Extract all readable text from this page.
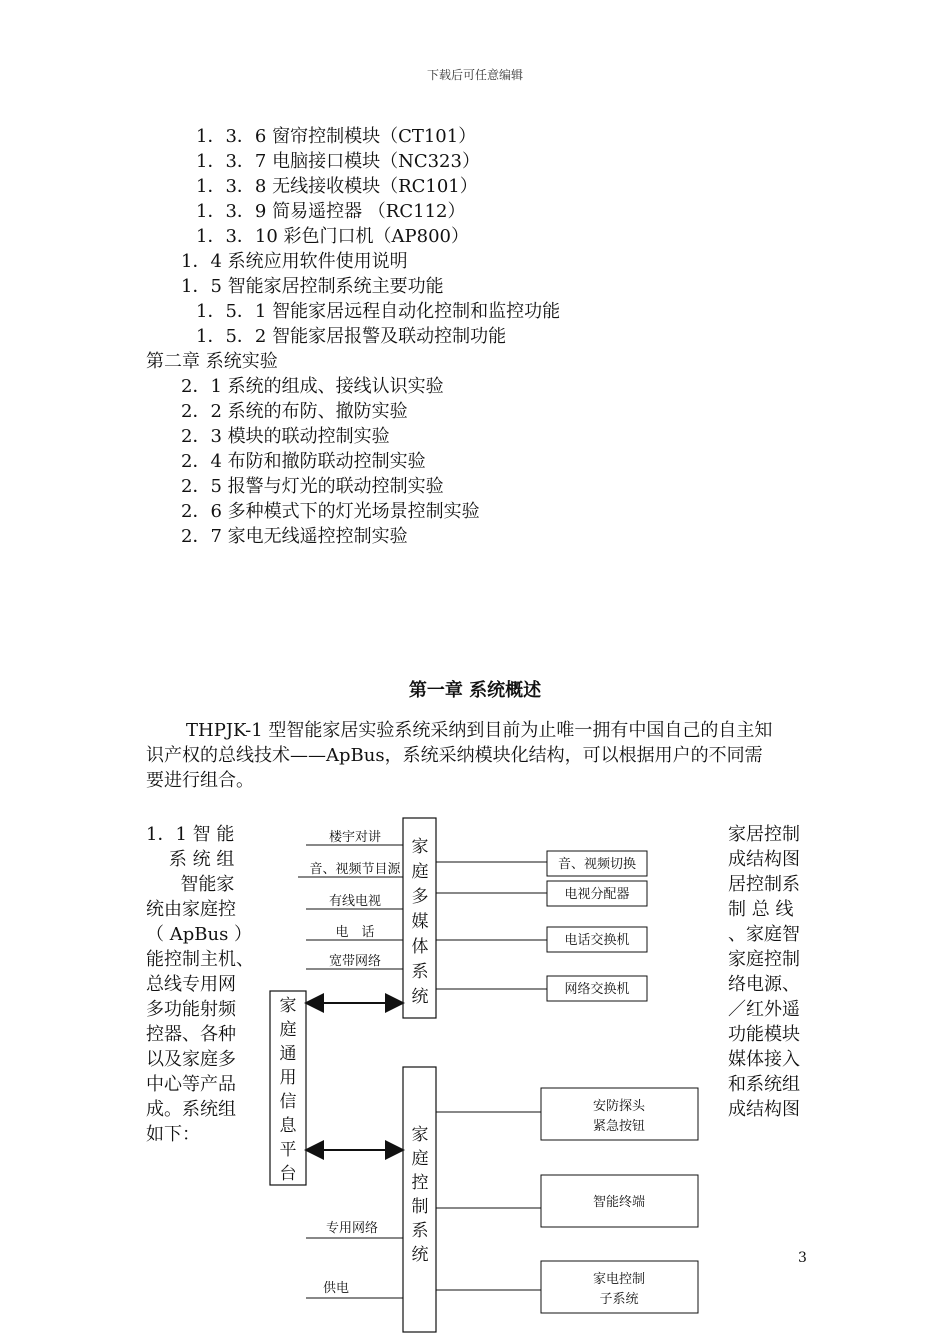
下载后可任意编辑
1．3．6 窗帘控制模块（CT101）
1．3．7 电脑接口模块（NC323）
1．3．8 无线接收模块（RC101）
1．3．9 简易遥控器 （RC112）
1．3．10 彩色门口机（AP800）
1．4 系统应用软件使用说明
1．5 智能家居控制系统主要功能
1．5．1 智能家居远程自动化控制和监控功能
1．5．2 智能家居报警及联动控制功能
第二章 系统实验
2．1 系统的组成、接线认识实验
2．2 系统的布防、撤防实验
2．3 模块的联动控制实验
2．4 布防和撤防联动控制实验
2．5 报警与灯光的联动控制实验
2．6 多种模式下的灯光场景控制实验
2．7 家电无线遥控控制实验
第一章 系统概述
THPJK-1 型智能家居实验系统采纳到目前为止唯一拥有中国自己的自主知
识产权的总线技术——ApBus，系统采纳模块化结构，可以根据用户的不同需
要进行组合。
1．1 智 能
系 统 组
智能家
统由家庭控
（ ApBus ）
能控制主机、
总线专用网
多功能射频
控器、各种
以及家庭多
中心等产品
成。系统组
如下：
家居控制
成结构图
居控制系
制 总 线
、家庭智
家庭控制
络电源、
／红外遥
功能模块
媒体接入
和系统组
成结构图
家
庭
多
媒
体
系
统
家
庭
通
用
信
息
平
台
家
庭
控
制
系
统
楼宇对讲
音、视频节目源
有线电视
电　话
宽带网络
音、视频切换
电视分配器
电话交换机
网络交换机
专用网络
供电
安防探头
紧急按钮
智能终端
家电控制
子系统
3
